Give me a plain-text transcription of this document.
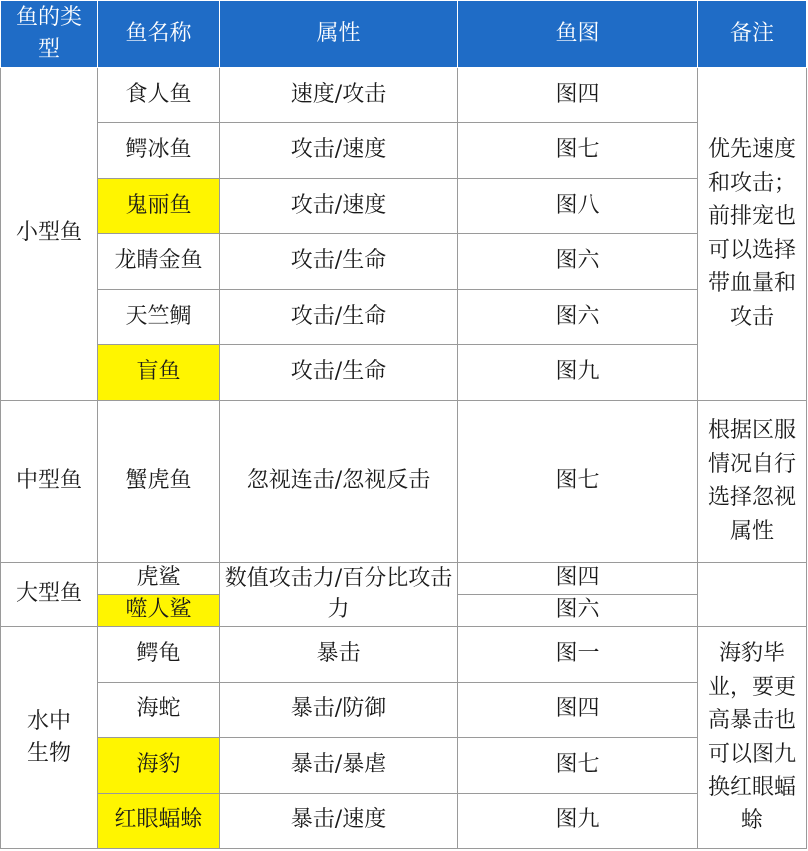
鱼的类
型	鱼名称	属性	鱼图	备注
小型鱼	食人鱼	速度/攻击	图四	优先速度和攻击；前排宠也可以选择带血量和攻击
	鳄冰鱼	攻击/速度	图七	
	鬼丽鱼	攻击/速度	图八	
	龙睛金鱼	攻击/生命	图六	
	天竺鲷	攻击/生命	图六	
	盲鱼	攻击/生命	图九	
中型鱼	蟹虎鱼	忽视连击/忽视反击	图七	根据区服情况自行选择忽视属性
大型鱼	虎鲨	数值攻击力/百分比攻击力	图四	
	噬人鲨		图六	

水中生物	鳄龟	暴击	图一	海豹毕业，要更高暴击也可以图九换红眼蝠蜍
	海蛇	暴击/防御	图四	
	海豹	暴击/暴虐	图七	
	红眼蝠蜍	暴击/速度	图九	
